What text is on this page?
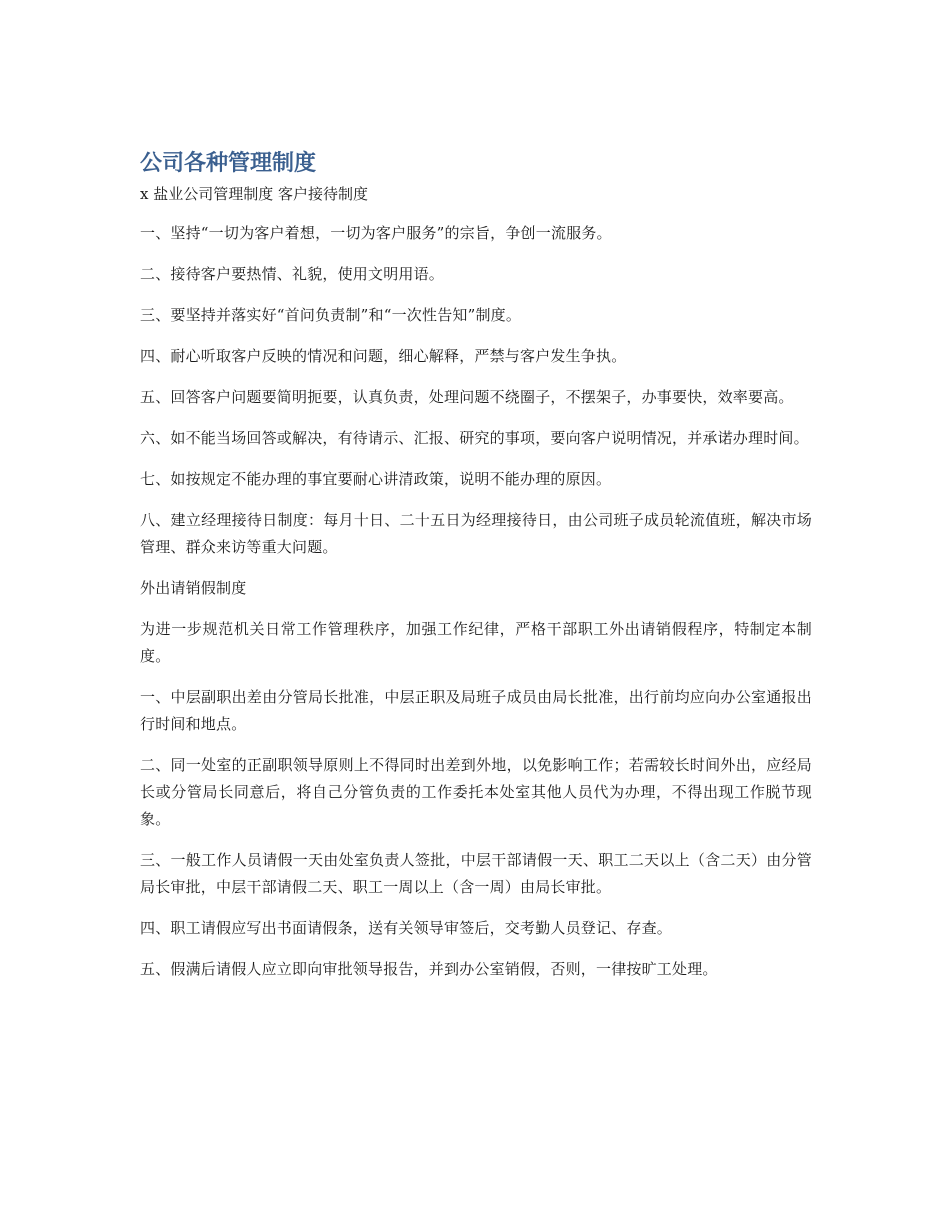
公司各种管理制度

x 盐业公司管理制度 客户接待制度

一、坚持“一切为客户着想，一切为客户服务”的宗旨，争创一流服务。

二、接待客户要热情、礼貌，使用文明用语。

三、要坚持并落实好“首问负责制”和“一次性告知”制度。

四、耐心听取客户反映的情况和问题，细心解释，严禁与客户发生争执。

五、回答客户问题要简明扼要，认真负责，处理问题不绕圈子，不摆架子，办事要快，效率要高。

六、如不能当场回答或解决，有待请示、汇报、研究的事项，要向客户说明情况，并承诺办理时间。

七、如按规定不能办理的事宜要耐心讲清政策，说明不能办理的原因。

八、建立经理接待日制度：每月十日、二十五日为经理接待日，由公司班子成员轮流值班，解决市场管理、群众来访等重大问题。

外出请销假制度

为进一步规范机关日常工作管理秩序，加强工作纪律，严格干部职工外出请销假程序，特制定本制度。

一、中层副职出差由分管局长批准，中层正职及局班子成员由局长批准，出行前均应向办公室通报出行时间和地点。

二、同一处室的正副职领导原则上不得同时出差到外地，以免影响工作；若需较长时间外出，应经局长或分管局长同意后，将自己分管负责的工作委托本处室其他人员代为办理，不得出现工作脱节现象。

三、一般工作人员请假一天由处室负责人签批，中层干部请假一天、职工二天以上（含二天）由分管局长审批，中层干部请假二天、职工一周以上（含一周）由局长审批。

四、职工请假应写出书面请假条，送有关领导审签后，交考勤人员登记、存查。

五、假满后请假人应立即向审批领导报告，并到办公室销假，否则，一律按旷工处理。
